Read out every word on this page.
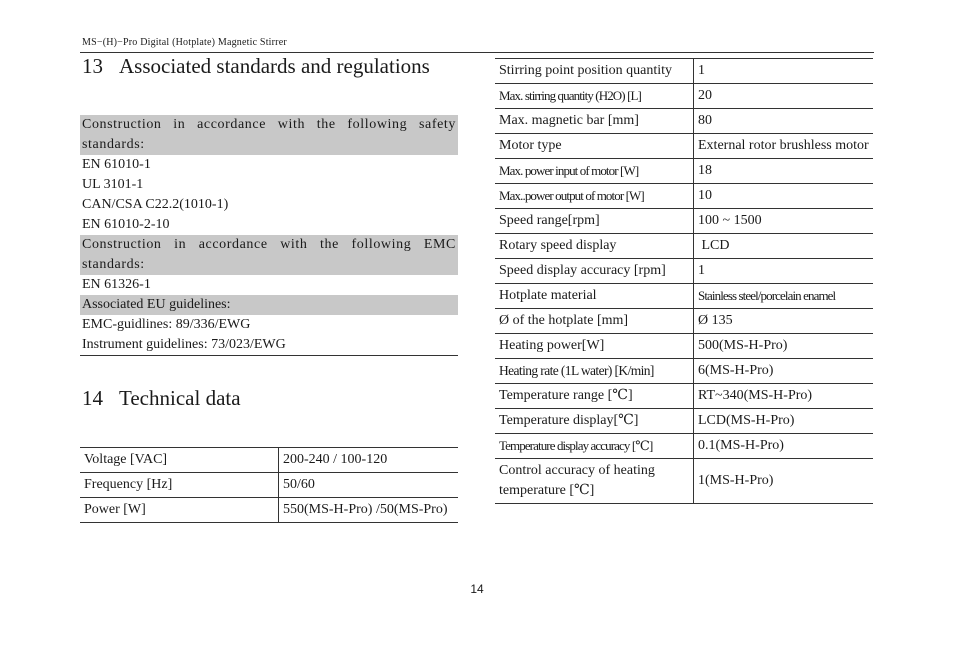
MS−(H)−Pro Digital (Hotplate) Magnetic Stirrer
13 Associated standards and regulations
Construction in accordance with the following safety standards:
EN 61010-1
UL 3101-1
CAN/CSA C22.2(1010-1)
EN 61010-2-10
Construction in accordance with the following EMC standards:
EN 61326-1
Associated EU guidelines:
EMC-guidlines: 89/336/EWG
Instrument guidelines: 73/023/EWG
14 Technical data
Voltage [VAC]	200-240 / 100-120
Frequency [Hz]	50/60
Power [W]	550(MS-H-Pro) /50(MS-Pro)
Stirring point position quantity	1
Max. stirring quantity (H2O) [L]	20
Max. magnetic bar [mm]	80
Motor type	External rotor brushless motor
Max. power input of motor [W]	18
Max..power output of motor [W]	10
Speed range[rpm]	100 ~ 1500
Rotary speed display	LCD
Speed display accuracy [rpm]	1
Hotplate material	Stainless steel/porcelain enamel
Ø of the hotplate [mm]	Ø 135
Heating power[W]	500(MS-H-Pro)
Heating rate (1L water) [K/min]	6(MS-H-Pro)
Temperature range [℃]	RT~340(MS-H-Pro)
Temperature display[℃]	LCD(MS-H-Pro)
Temperature display accuracy [℃]	0.1(MS-H-Pro)
Control accuracy of heating temperature [℃]	1(MS-H-Pro)
14
